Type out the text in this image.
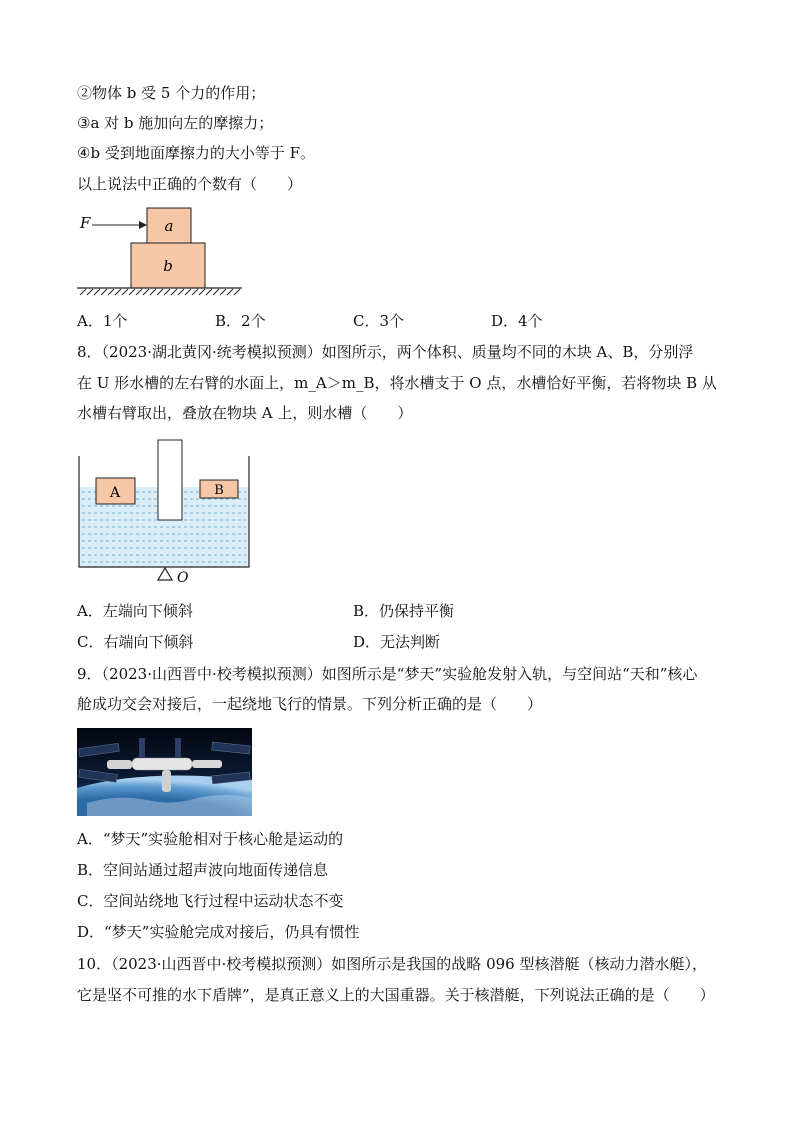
②物体 b 受 5 个力的作用；
③a 对 b 施加向左的摩擦力；
④b 受到地面摩擦力的大小等于 F。
以上说法中正确的个数有（　　）
a
b
F
A．1个	B．2个	C．3个	D．4个
8．（2023·湖北黄冈·统考模拟预测）如图所示，两个体积、质量均不同的木块 A、B，分别浮
在 U 形水槽的左右臂的水面上，m_A＞m_B，将水槽支于 O 点，水槽恰好平衡，若将物块 B 从
水槽右臂取出，叠放在物块 A 上，则水槽（　　）
A	B
O
A．左端向下倾斜	B．仍保持平衡
C．右端向下倾斜	D．无法判断
9．（2023·山西晋中·校考模拟预测）如图所示是“梦天”实验舱发射入轨，与空间站“天和”核心
舱成功交会对接后，一起绕地飞行的情景。下列分析正确的是（　　）
A．“梦天”实验舱相对于核心舱是运动的
B．空间站通过超声波向地面传递信息
C．空间站绕地飞行过程中运动状态不变
D．“梦天”实验舱完成对接后，仍具有惯性
10．（2023·山西晋中·校考模拟预测）如图所示是我国的战略 096 型核潜艇（核动力潜水艇），
它是坚不可推的水下盾牌”，是真正意义上的大国重器。关于核潜艇，下列说法正确的是（　　）
